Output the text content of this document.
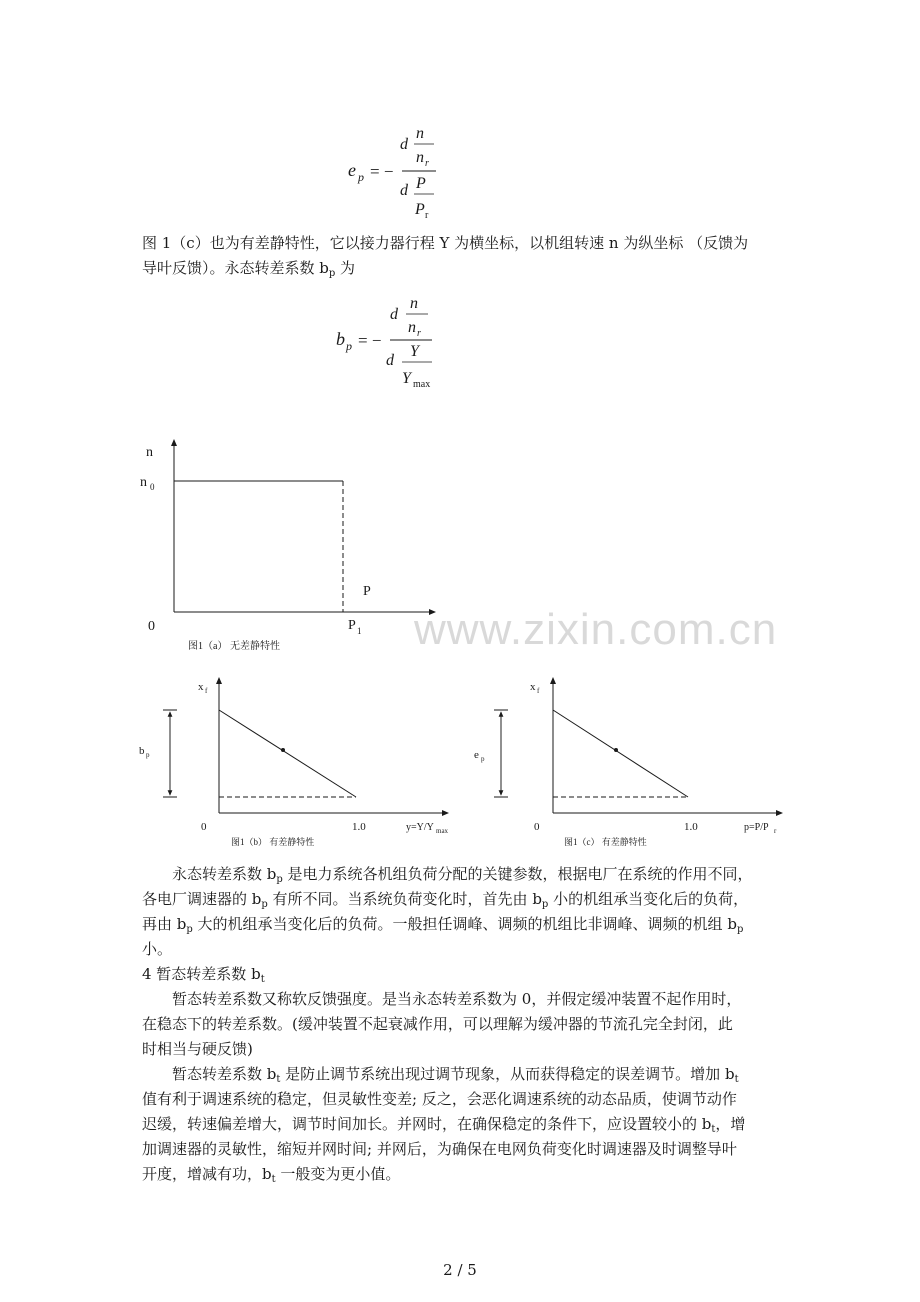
e p = −
d
n
n r
d P
P r

图 1（c）也为有差静特性，它以接力器行程 Y 为横坐标，以机组转速 n 为纵坐标 （反馈为

导叶反馈）。永态转差系数 $b_p$ 为

b p = −
d
n
n r
d
Y
Y max
n
n 0
0
P
P 1
图1（a） 无差静特性	www.zixin.com.cn
x f
b p
0	1.0	y=Y/Y max
图1（b） 有差静特性
x f
e p
0	1.0	p=P/P r
图1（c） 有差静特性

永态转差系数 $b_p$ 是电力系统各机组负荷分配的关键参数，根据电厂在系统的作用不同，

各电厂调速器的 $b_p$ 有所不同。当系统负荷变化时，首先由 $b_p$ 小的机组承当变化后的负荷，

再由 $b_p$ 大的机组承当变化后的负荷。一般担任调峰、调频的机组比非调峰、调频的机组 $b_p$

小。

4 暂态转差系数 $b_t$

暂态转差系数又称软反馈强度。是当永态转差系数为 0，并假定缓冲装置不起作用时，

在稳态下的转差系数。(缓冲装置不起衰减作用，可以理解为缓冲器的节流孔完全封闭，此

时相当与硬反馈)

暂态转差系数 $b_t$ 是防止调节系统出现过调节现象，从而获得稳定的误差调节。增加 $b_t$

值有利于调速系统的稳定，但灵敏性变差; 反之，会恶化调速系统的动态品质，使调节动作

迟缓，转速偏差增大，调节时间加长。并网时，在确保稳定的条件下，应设置较小的 $b_t$，增

加调速器的灵敏性，缩短并网时间; 并网后，为确保在电网负荷变化时调速器及时调整导叶

开度，增减有功，$b_t$ 一般变为更小值。

2 / 5
